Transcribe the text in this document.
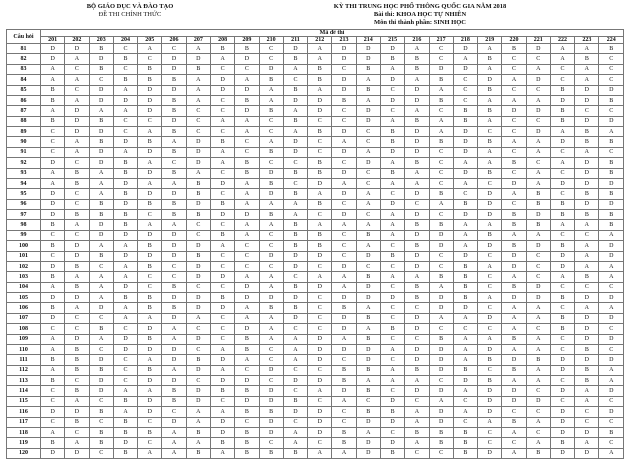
BỘ GIÁO DỤC VÀ ĐÀO TẠO
ĐỀ THI CHÍNH THỨC
KỲ THI TRUNG HỌC PHỔ THÔNG QUỐC GIA NĂM 2018
Bài thi: KHOA HỌC TỰ NHIÊN
Môn thi thành phần: SINH HỌC
Câu hỏi	Mã đề thi																							
	201	202	203	204	205	206	207	208	209	210	211	212	213	214	215	216	217	218	219	220	221	222	223	224
81	D	D	B	C	A	C	A	B	B	C	D	A	D	D	D	A	C	D	A	B	D	A	A	B
82	D	A	D	B	C	D	D	A	D	C	B	A	D	D	B	B	C	A	B	C	C	A	B	C
83	A	C	B	C	B	D	B	C	C	D	A	B	C	B	A	B	D	D	A	C	A	C	A	C
84	A	A	C	B	B	B	A	D	A	B	C	B	D	A	D	A	B	C	D	A	D	C	A	C
85	B	C	D	A	D	D	A	D	D	A	B	A	D	B	C	D	A	C	B	C	C	B	D	D
86	B	A	D	D	D	B	A	C	B	A	D	D	B	A	D	D	B	C	A	A	A	D	D	B
87	A	D	A	A	D	B	C	C	D	B	A	D	C	D	C	A	C	B	B	D	D	B	C	C
88	B	D	B	C	C	D	C	A	A	C	B	C	C	D	A	B	A	B	A	C	C	B	D	D
89	C	D	D	C	A	B	C	C	A	C	A	B	D	C	B	D	A	D	C	C	D	A	B	A
90	C	A	B	D	B	A	D	B	C	A	D	C	A	C	B	D	B	D	B	A	A	D	B	B
91	C	A	D	A	D	B	D	A	C	B	D	C	D	A	D	D	C	D	A	C	A	C	A	C
92	D	C	D	B	A	C	D	A	B	C	C	B	C	D	A	B	C	A	A	B	C	A	D	B
93	A	B	A	B	D	B	A	C	B	D	B	B	D	C	B	A	C	D	B	C	A	C	D	B
94	A	B	A	D	A	A	B	D	A	B	C	D	A	C	A	A	C	A	C	D	A	D	D	D
95	D	C	A	B	D	D	B	C	A	D	B	A	D	A	C	D	B	C	D	A	B	C	B	B
96	D	C	B	D	B	B	D	B	A	A	A	B	C	A	D	C	A	B	D	C	B	B	D	D
97	D	B	B	B	C	B	B	D	D	B	A	C	D	C	A	D	C	D	D	B	D	B	B	B
98	B	A	D	B	A	A	C	C	A	A	B	A	A	A	A	B	B	A	A	B	B	A	A	B
99	C	C	D	D	D	D	C	B	A	C	B	B	C	B	A	D	D	A	B	A	A	C	C	A
100	B	D	A	A	B	D	D	A	C	C	B	B	C	A	C	B	D	A	D	B	D	B	A	D
101	C	D	B	D	D	D	B	C	C	D	D	D	C	D	B	D	C	D	C	D	C	D	A	D
102	D	B	C	A	B	C	D	C	C	C	D	C	D	C	C	D	C	B	A	D	C	D	A	A
103	B	A	A	A	C	C	D	D	A	A	C	A	A	B	A	A	B	B	C	A	C	A	B	A
104	A	B	A	D	C	B	C	C	D	A	B	D	A	D	C	B	A	B	C	B	D	C	C	C
105	D	D	A	B	B	D	D	B	D	D	D	C	D	D	D	B	D	B	A	D	D	B	D	D
106	B	A	D	A	B	B	D	D	A	B	B	C	B	A	C	C	D	D	C	A	A	C	A	A
107	D	C	C	A	A	D	A	C	A	A	D	C	D	B	C	D	A	A	D	A	A	B	D	D
108	C	C	B	C	D	A	C	C	D	A	C	C	D	A	B	D	C	C	C	A	C	B	D	C
109	A	D	A	D	B	A	D	C	B	A	A	D	A	B	C	C	B	A	A	B	A	C	D	D
110	A	B	C	D	D	D	C	A	B	C	A	D	D	D	A	D	D	A	D	A	A	C	B	C
111	B	B	D	C	A	D	B	D	A	C	A	D	C	D	C	D	D	A	B	D	B	D	D	D
112	A	B	B	C	B	A	D	A	C	D	C	C	B	B	A	B	D	B	C	B	A	D	B	A
113	B	C	D	C	D	D	C	D	D	C	D	D	B	A	A	A	C	D	B	A	A	C	B	A
114	C	B	D	A	A	B	D	B	B	D	C	A	D	B	C	D	D	A	D	D	C	D	A	D
115	C	A	C	B	D	B	D	C	D	D	B	C	A	C	D	C	A	C	D	D	D	C	A	C
116	D	D	B	A	D	C	A	A	B	B	D	D	C	B	B	A	D	A	D	C	C	D	C	D
117	C	B	C	B	C	D	A	D	C	D	C	D	C	D	D	A	D	C	A	B	A	D	C	C
118	A	C	B	B	B	A	B	D	B	D	A	D	B	A	C	B	B	B	C	A	C	D	D	B
119	B	A	B	D	C	A	A	B	B	C	A	C	B	D	D	A	B	B	C	C	A	B	A	C
120	D	D	C	B	A	A	B	A	B	B	B	A	A	D	B	C	C	B	D	A	B	D	D	A
